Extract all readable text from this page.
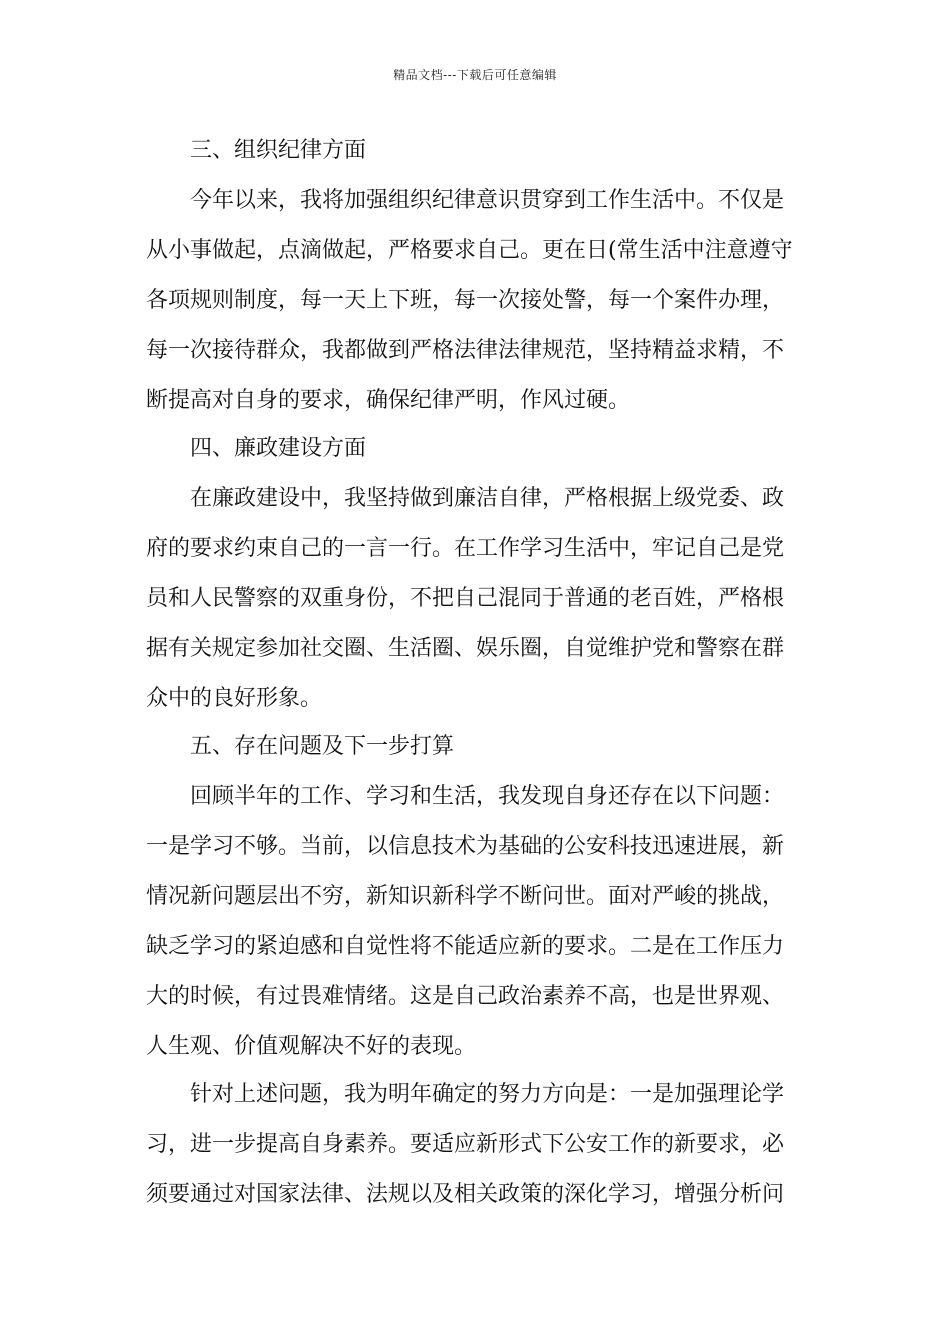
精品文档---下载后可任意编辑
三、组织纪律方面
今年以来，我将加强组织纪律意识贯穿到工作生活中。不仅是
从小事做起，点滴做起，严格要求自己。更在日(常生活中注意遵守
各项规则制度，每一天上下班，每一次接处警，每一个案件办理，
每一次接待群众，我都做到严格法律法律规范，坚持精益求精，不
断提高对自身的要求，确保纪律严明，作风过硬。
四、廉政建设方面
在廉政建设中，我坚持做到廉洁自律，严格根据上级党委、政
府的要求约束自己的一言一行。在工作学习生活中，牢记自己是党
员和人民警察的双重身份，不把自己混同于普通的老百姓，严格根
据有关规定参加社交圈、生活圈、娱乐圈，自觉维护党和警察在群
众中的良好形象。
五、存在问题及下一步打算
回顾半年的工作、学习和生活，我发现自身还存在以下问题：
一是学习不够。当前，以信息技术为基础的公安科技迅速进展，新
情况新问题层出不穷，新知识新科学不断问世。面对严峻的挑战，
缺乏学习的紧迫感和自觉性将不能适应新的要求。二是在工作压力
大的时候，有过畏难情绪。这是自己政治素养不高，也是世界观、
人生观、价值观解决不好的表现。
针对上述问题，我为明年确定的努力方向是：一是加强理论学
习，进一步提高自身素养。要适应新形式下公安工作的新要求，必
须要通过对国家法律、法规以及相关政策的深化学习，增强分析问
